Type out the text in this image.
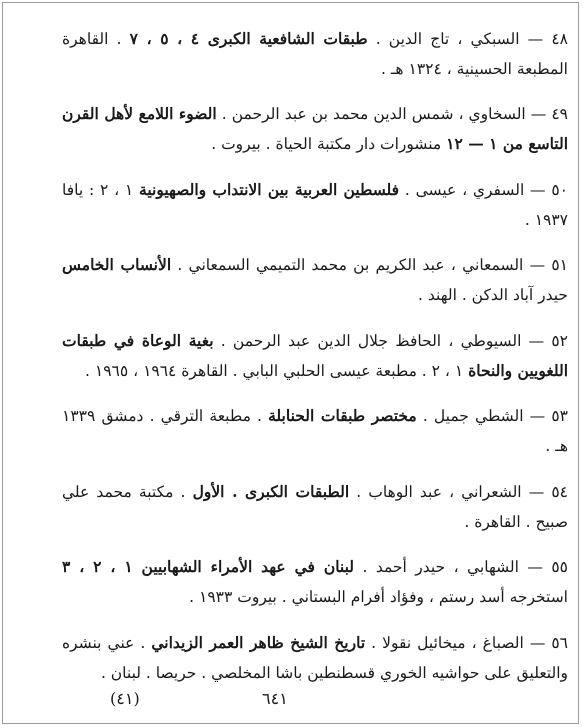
٤٨ — السبكي ، تاج الدين . طبقات الشافعية الكبرى ٤ ، ٥ ، ٧ . القاهرة المطبعة الحسينية ، ١٣٢٤ هـ .

٤٩ — السخاوي ، شمس الدين محمد بن عبد الرحمن . الضوء اللامع لأهل القرن التاسع من ١ — ١٢ منشورات دار مكتبة الحياة . بيروت .

٥٠ — السفري ، عيسى . فلسطين العربية بين الانتداب والصهيونية ١ ، ٢ : يافا ١٩٣٧ .

٥١ — السمعاني ، عبد الكريم بن محمد التميمي السمعاني . الأنساب الخامس حيدر آباد الدكن . الهند .

٥٢ — السيوطي ، الحافظ جلال الدين عبد الرحمن . بغية الوعاة في طبقات اللغويين والنحاة ١ ، ٢ . مطبعة عيسى الحلبي البابي . القاهرة ١٩٦٤ ، ١٩٦٥ .

٥٣ — الشطي جميل . مختصر طبقات الحنابلة . مطبعة الترقي . دمشق ١٣٣٩ هـ .

٥٤ — الشعراني ، عبد الوهاب . الطبقات الكبرى . الأول . مكتبة محمد علي صبيح . القاهرة .

٥٥ — الشهابي ، حيدر أحمد . لبنان في عهد الأمراء الشهابيين ١ ، ٢ ، ٣ استخرجه أسد رستم ، وفؤاد أفرام البستاني . بيروت ١٩٣٣ .

٥٦ — الصباغ ، ميخائيل نقولا . تاريخ الشيخ ظاهر العمر الزيداني . عني بنشره والتعليق على حواشيه الخوري قسطنطين باشا المخلصي . حريصا . لبنان .

(٤١)	٦٤١
